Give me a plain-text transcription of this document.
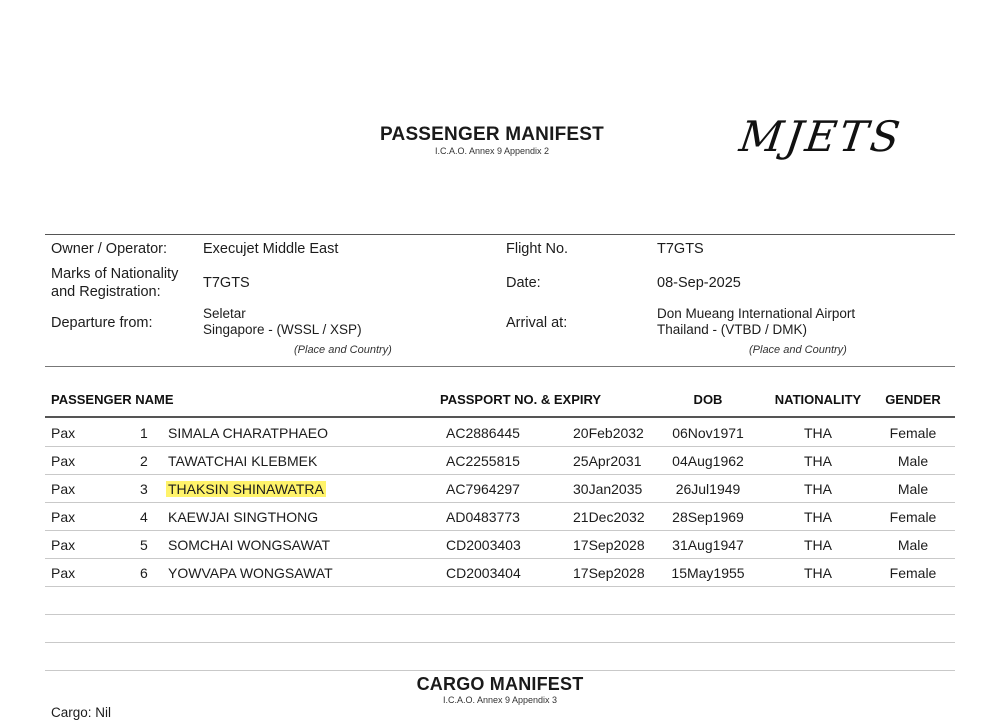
PASSENGER MANIFEST
I.C.A.O. Annex 9 Appendix 2	MJETS
Owner / Operator: Execujet Middle East	Flight No.	T7GTS
Marks of Nationality
and Registration:
T7GTS	Date:	08-Sep-2025
Departure from:
Seletar
Singapore - (WSSL / XSP)
(Place and Country)
Arrival at:
Don Mueang International Airport
Thailand - (VTBD / DMK)
(Place and Country)
PASSENGER NAME	PASSPORT NO. & EXPIRY	DOB	NATIONALITY GENDER
Pax	1 SIMALA CHARATPHAEO	AC2886445	20Feb2032 06Nov1971	THA	Female
Pax	2 TAWATCHAI KLEBMEK	AC2255815	25Apr2031 04Aug1962	THA	Male
Pax	3 THAKSIN SHINAWATRA	AC7964297	30Jan2035 26Jul1949	THA	Male
Pax	4 KAEWJAI SINGTHONG	AD0483773	21Dec2032 28Sep1969	THA	Female
Pax	5 SOMCHAI WONGSAWAT	CD2003403	17Sep2028 31Aug1947	THA	Male
Pax	6 YOWVAPA WONGSAWAT	CD2003404	17Sep2028 15May1955	THA	Female
CARGO MANIFEST
I.C.A.O. Annex 9 Appendix 3
Cargo: Nil
